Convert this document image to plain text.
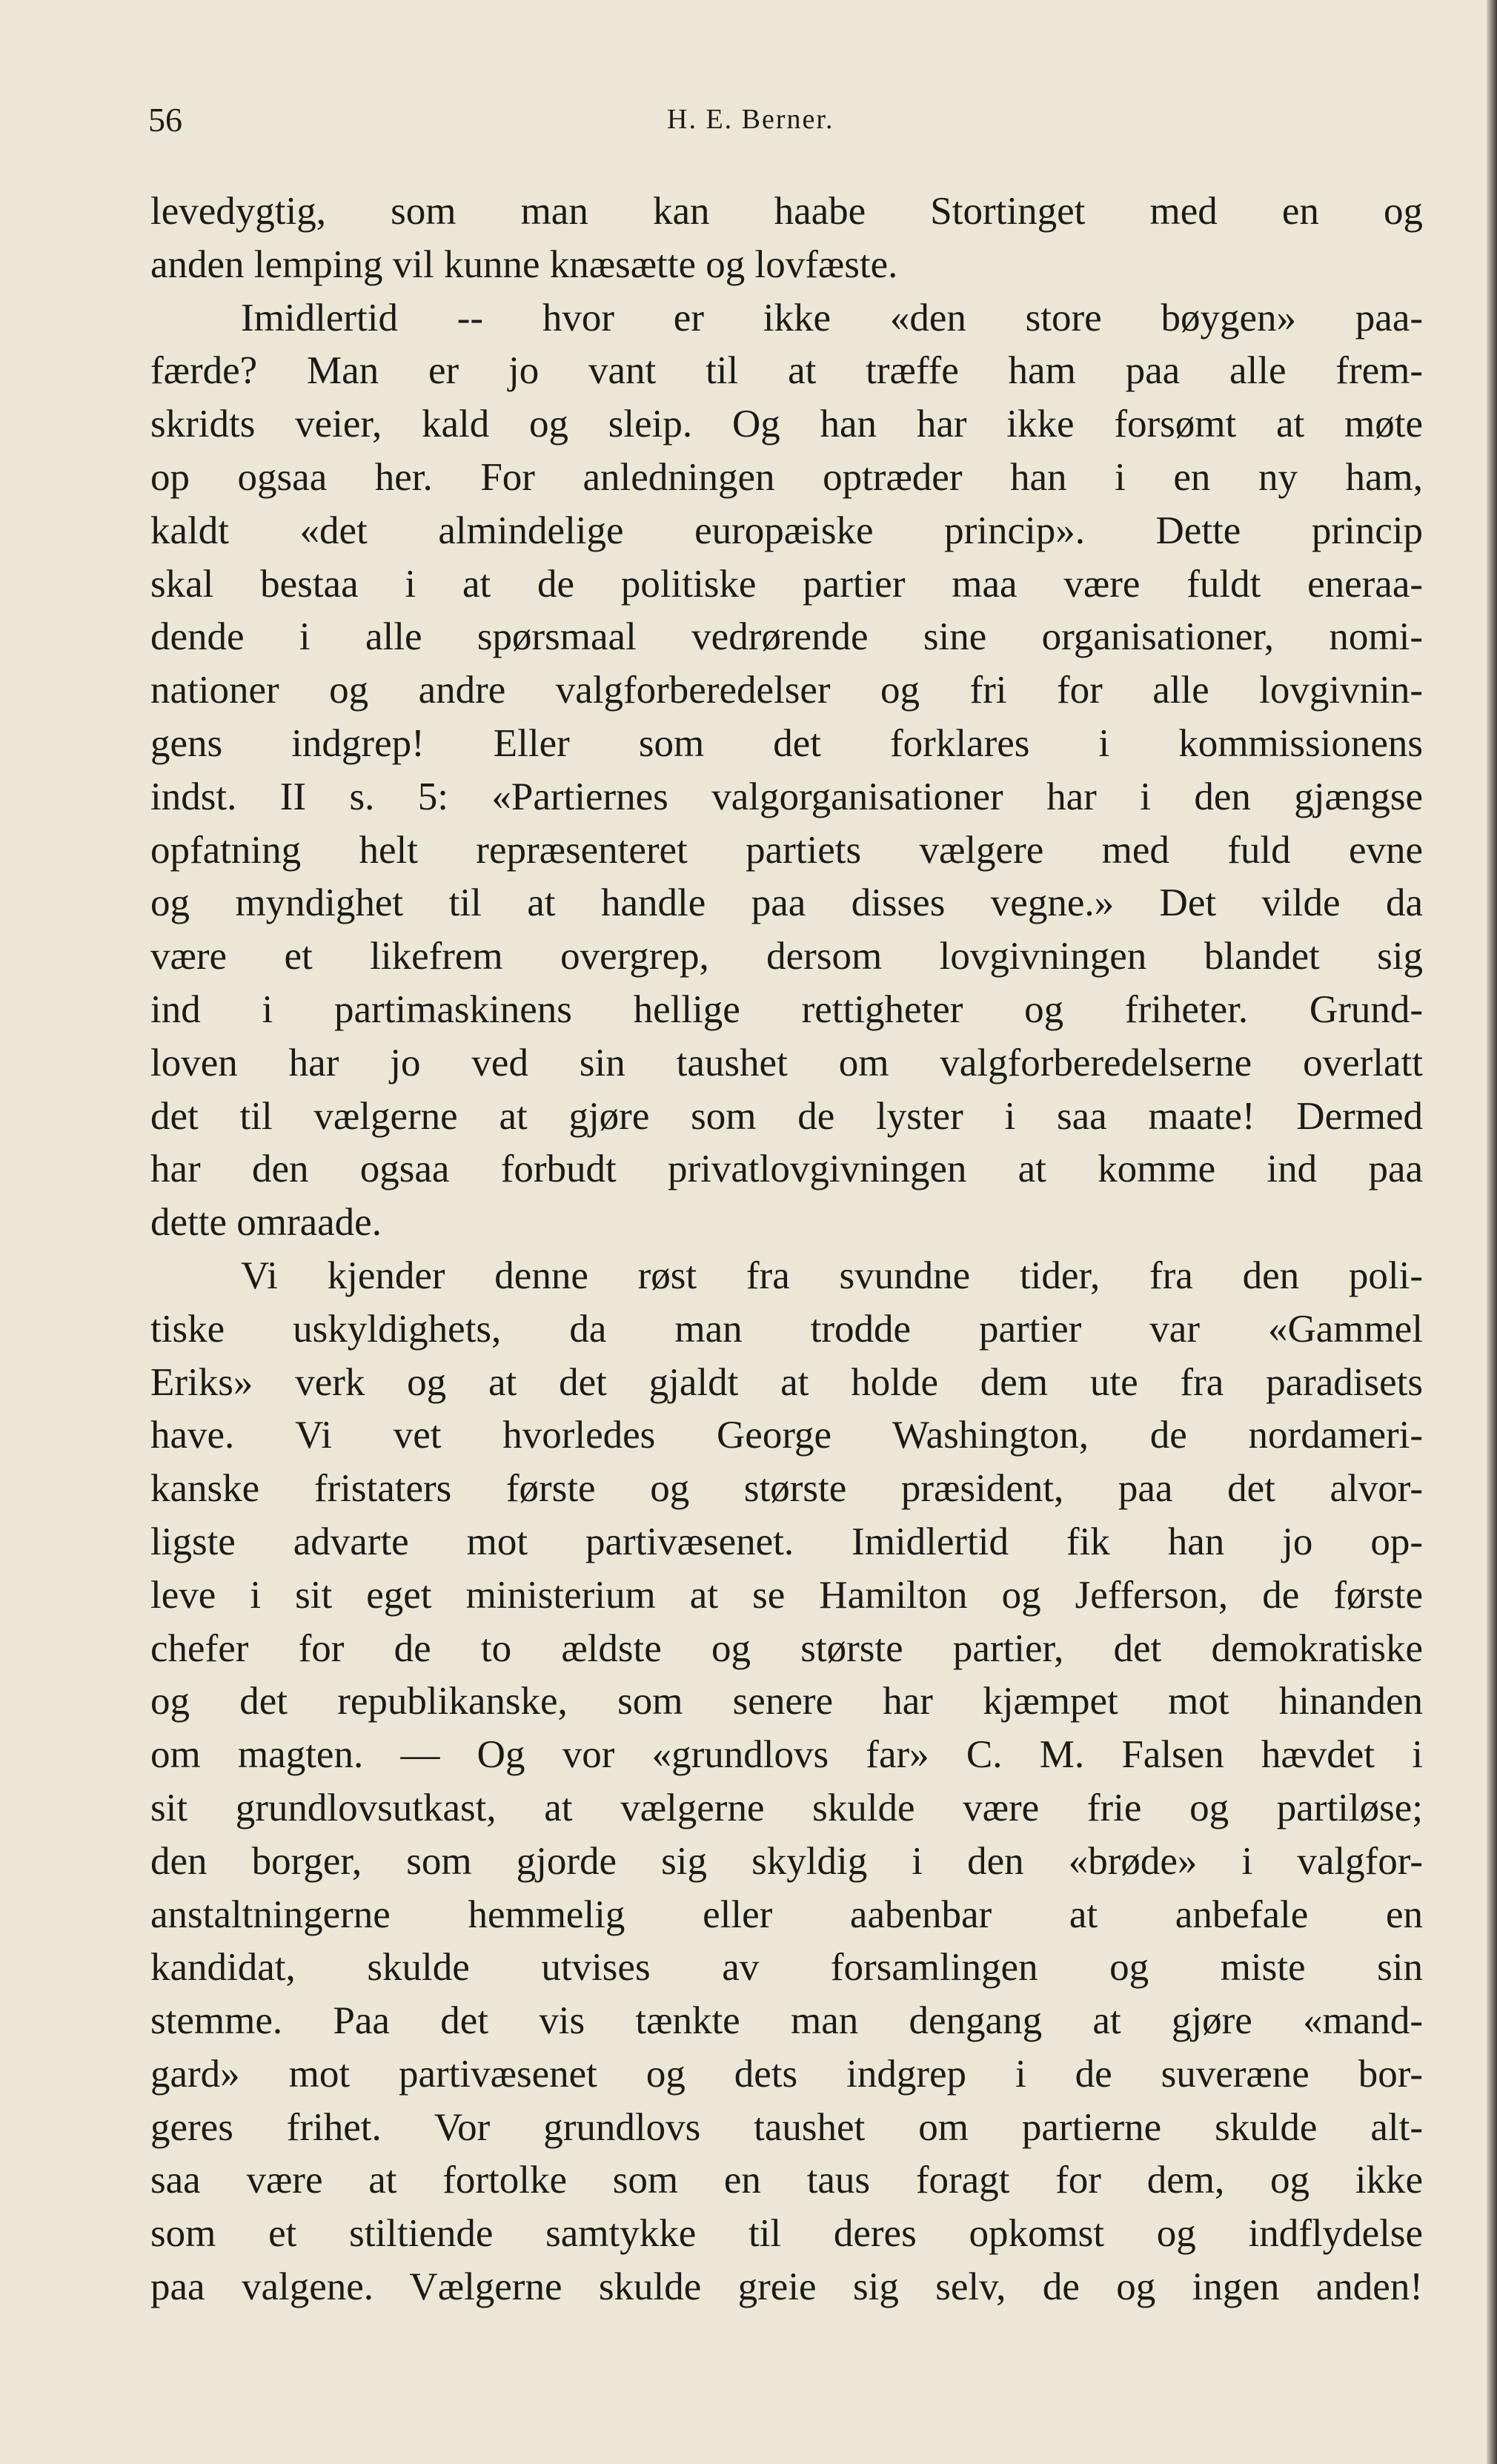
56	H. E. Berner.
levedygtig, som man kan haabe Stortinget med en og
anden lemping vil kunne knæsætte og lovfæste.
Imidlertid -- hvor er ikke «den store bøygen» paa-
færde? Man er jo vant til at træffe ham paa alle frem-
skridts veier, kald og sleip. Og han har ikke forsømt at møte
op ogsaa her. For anledningen optræder han i en ny ham,
kaldt «det almindelige europæiske princip». Dette princip
skal bestaa i at de politiske partier maa være fuldt eneraa-
dende i alle spørsmaal vedrørende sine organisationer, nomi-
nationer og andre valgforberedelser og fri for alle lovgivnin-
gens indgrep! Eller som det forklares i kommissionens
indst. II s. 5: «Partiernes valgorganisationer har i den gjængse
opfatning helt repræsenteret partiets vælgere med fuld evne
og myndighet til at handle paa disses vegne.» Det vilde da
være et likefrem overgrep, dersom lovgivningen blandet sig
ind i partimaskinens hellige rettigheter og friheter. Grund-
loven har jo ved sin taushet om valgforberedelserne overlatt
det til vælgerne at gjøre som de lyster i saa maate! Dermed
har den ogsaa forbudt privatlovgivningen at komme ind paa
dette omraade.
Vi kjender denne røst fra svundne tider, fra den poli-
tiske uskyldighets, da man trodde partier var «Gammel
Eriks» verk og at det gjaldt at holde dem ute fra paradisets
have. Vi vet hvorledes George Washington, de nordameri-
kanske fristaters første og største præsident, paa det alvor-
ligste advarte mot partivæsenet. Imidlertid fik han jo op-
leve i sit eget ministerium at se Hamilton og Jefferson, de første
chefer for de to ældste og største partier, det demokratiske
og det republikanske, som senere har kjæmpet mot hinanden
om magten. — Og vor «grundlovs far» C. M. Falsen hævdet i
sit grundlovsutkast, at vælgerne skulde være frie og partiløse;
den borger, som gjorde sig skyldig i den «brøde» i valgfor-
anstaltningerne hemmelig eller aabenbar at anbefale en
kandidat, skulde utvises av forsamlingen og miste sin
stemme. Paa det vis tænkte man dengang at gjøre «mand-
gard» mot partivæsenet og dets indgrep i de suveræne bor-
geres frihet. Vor grundlovs taushet om partierne skulde alt-
saa være at fortolke som en taus foragt for dem, og ikke
som et stiltiende samtykke til deres opkomst og indflydelse
paa valgene. Vælgerne skulde greie sig selv, de og ingen anden!
